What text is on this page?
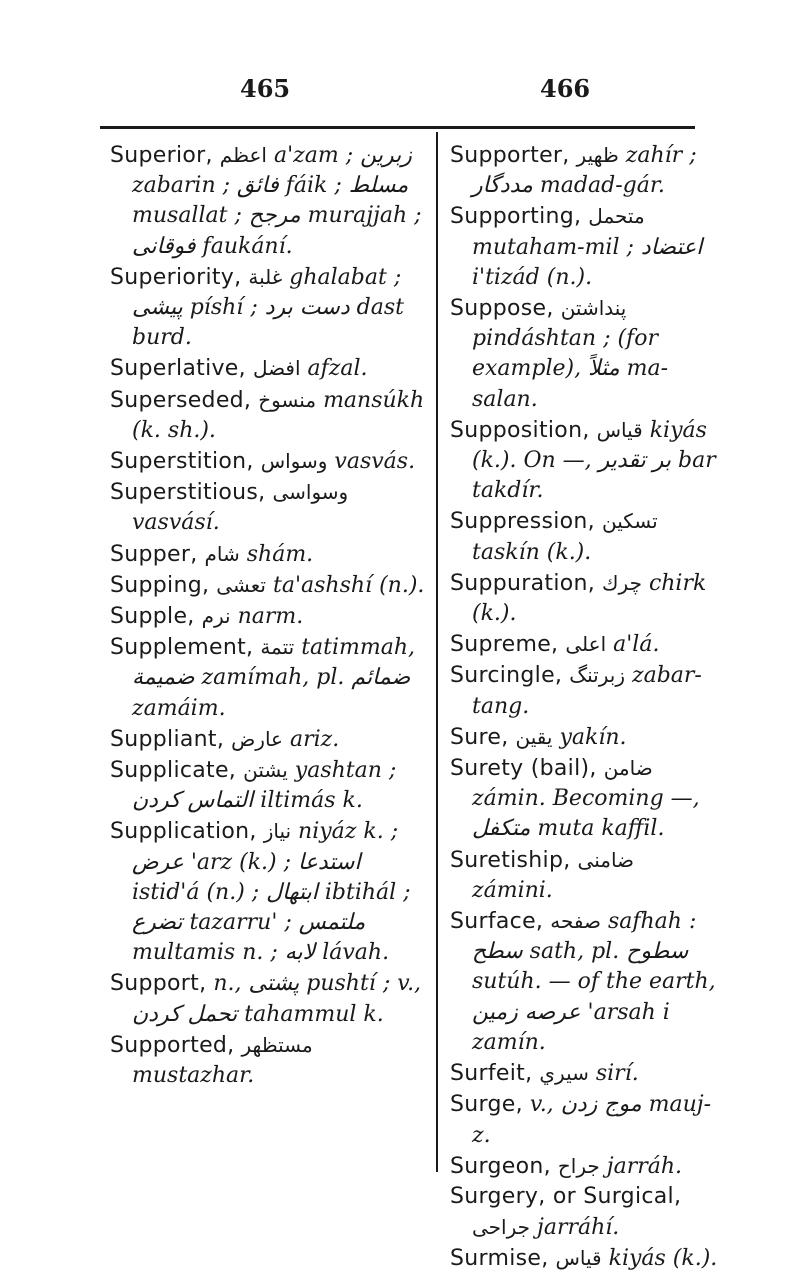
465	466

Superior, اعظم a'zam ; زبرين zabarin ; فائق fáik ; مسلط musallat ; مرجح murajjah ; فوقانی faukání.

Superiority, غلبة ghalabat ; پیشی píshí ; دست برد dast burd.

Superlative, افضل afzal.

Superseded, منسوخ mansúkh (k. sh.).

Superstition, وسواس vasvás.

Superstitious, وسواسی vasvásí.

Supper, شام shám.

Supping, تعشی ta'ashshí (n.).

Supple, نرم narm.

Supplement, تتمة tatimmah, ضميمة zamímah, pl. ضمائم zamáim.

Suppliant, عارض ariz.

Supplicate, يشتن yashtan ; التماس كردن iltimás k.

Supplication, نياز niyáz k. ; عرض 'arz (k.) ; استدعا istid'á (n.) ; ابتهال ibtihál ; تضرع tazarru' ; ملتمس multamis n. ; لابه lávah.

Support, n., پشتی pushtí ; v., تحمل كردن tahammul k.

Supported, مستظهر mustazhar.

Supporter, ظهير zahír ; مددگار madad-gár.

Supporting, متحمل mutaham-mil ; اعتضاد i'tizád (n.).

Suppose, پنداشتن pindáshtan ; (for example), مثلاً ma-salan.

Supposition, قياس kiyás (k.). On —, بر تقدير bar takdír.

Suppression, تسكين taskín (k.).

Suppuration, چرك chirk (k.).

Supreme, اعلى a'lá.

Surcingle, زبرتنگ zabar-tang.

Sure, يقين yakín.

Surety (bail), ضامن zámin. Becoming —, متكفل muta kaffil.

Suretiship, ضامنی zámini.

Surface, صفحه safhah : سطح sath, pl. سطوح sutúh. — of the earth, عرصه زمين 'arsah i zamín.

Surfeit, سيري sirí.

Surge, v., موج زدن mauj-z.

Surgeon, جراح jarráh.

Surgery, or Surgical, جراحی jarráhí.

Surmise, قياس kiyás (k.).
